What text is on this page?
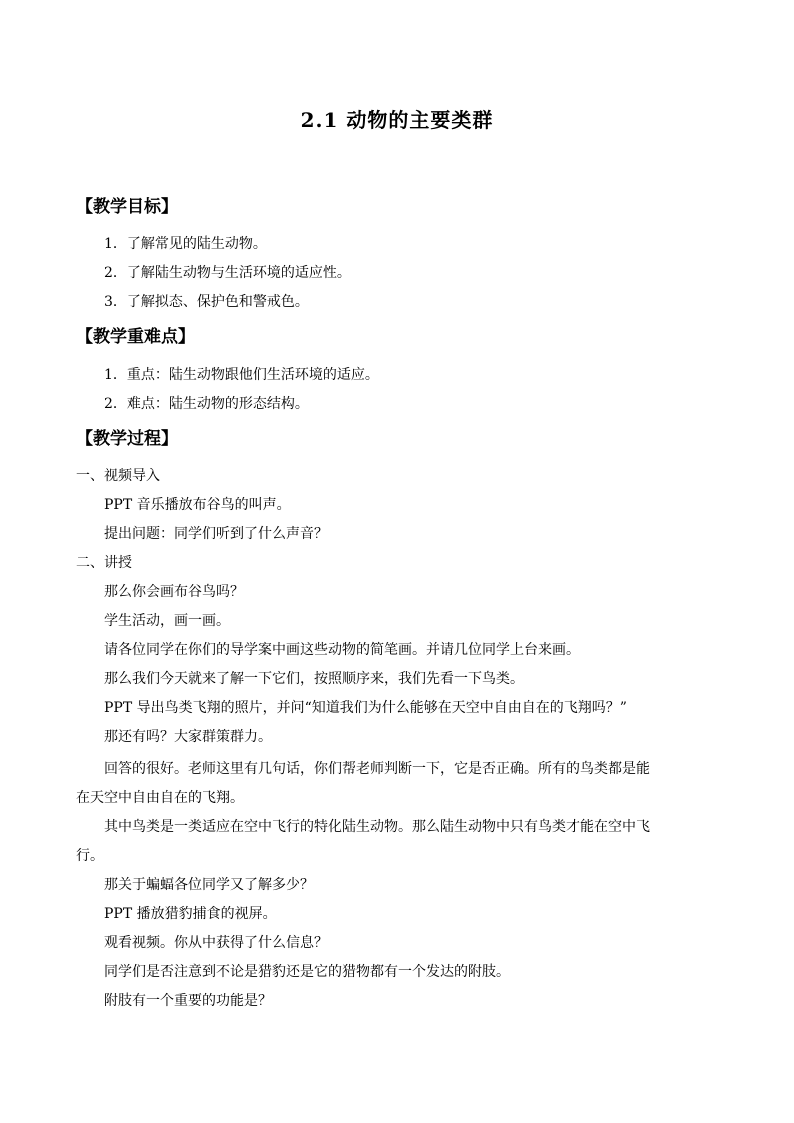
2.1 动物的主要类群
【教学目标】
1．了解常见的陆生动物。
2．了解陆生动物与生活环境的适应性。
3．了解拟态、保护色和警戒色。
【教学重难点】
1．重点：陆生动物跟他们生活环境的适应。
2．难点：陆生动物的形态结构。
【教学过程】
一、视频导入
PPT 音乐播放布谷鸟的叫声。
提出问题：同学们听到了什么声音？
二、讲授
那么你会画布谷鸟吗？
学生活动，画一画。
请各位同学在你们的导学案中画这些动物的简笔画。并请几位同学上台来画。
那么我们今天就来了解一下它们，按照顺序来，我们先看一下鸟类。
PPT 导出鸟类飞翔的照片，并问“知道我们为什么能够在天空中自由自在的飞翔吗？”
那还有吗？大家群策群力。
回答的很好。老师这里有几句话，你们帮老师判断一下，它是否正确。所有的鸟类都是能
在天空中自由自在的飞翔。
其中鸟类是一类适应在空中飞行的特化陆生动物。那么陆生动物中只有鸟类才能在空中飞
行。
那关于蝙蝠各位同学又了解多少？
PPT 播放猎豹捕食的视屏。
观看视频。你从中获得了什么信息？
同学们是否注意到不论是猎豹还是它的猎物都有一个发达的附肢。
附肢有一个重要的功能是？
